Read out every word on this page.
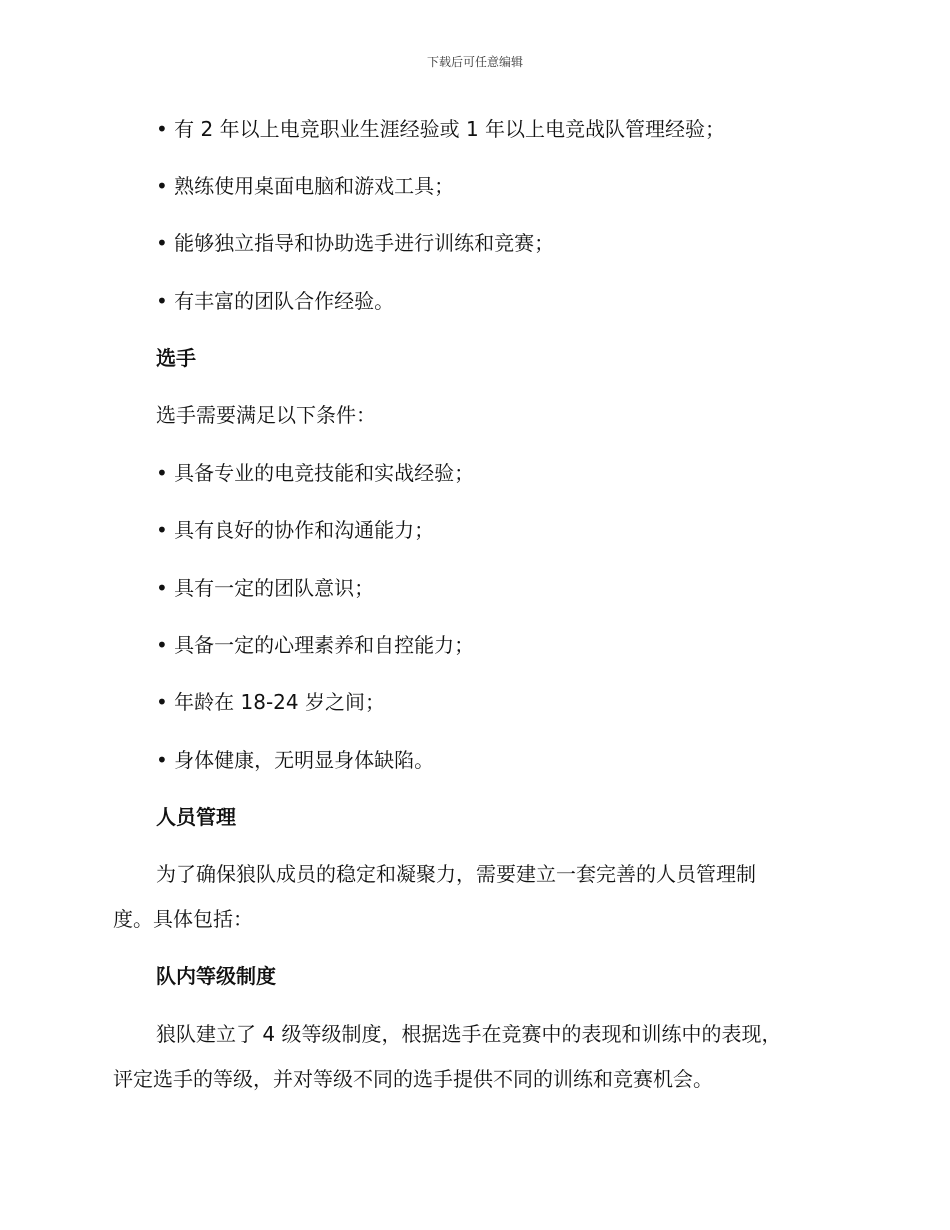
下载后可任意编辑
• 有 2 年以上电竞职业生涯经验或 1 年以上电竞战队管理经验；
• 熟练使用桌面电脑和游戏工具；
• 能够独立指导和协助选手进行训练和竞赛；
• 有丰富的团队合作经验。
选手
选手需要满足以下条件：
• 具备专业的电竞技能和实战经验；
• 具有良好的协作和沟通能力；
• 具有一定的团队意识；
• 具备一定的心理素养和自控能力；
• 年龄在 18-24 岁之间；
• 身体健康，无明显身体缺陷。
人员管理
为了确保狼队成员的稳定和凝聚力，需要建立一套完善的人员管理制
度。具体包括：
队内等级制度
狼队建立了 4 级等级制度，根据选手在竞赛中的表现和训练中的表现，
评定选手的等级，并对等级不同的选手提供不同的训练和竞赛机会。
